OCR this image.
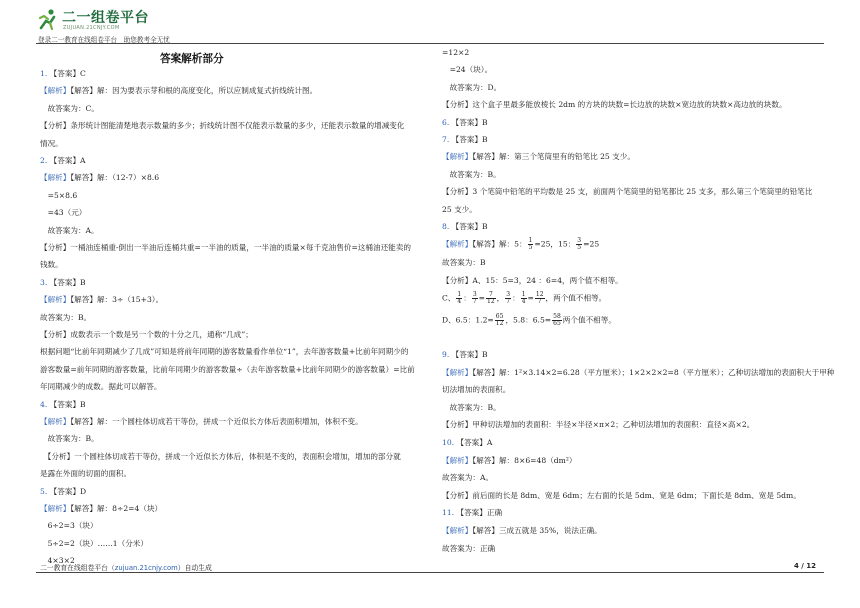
二一组卷平台
ZUJUAN.21CNJY.COM
登录二一教育在线组卷平台　助您教考全无忧
答案解析部分
1. 【答案】C
【解析】【解答】解：因为要表示芽和根的高度变化，所以应制成复式折线统计图。
　故答案为：C。
【分析】条形统计图能清楚地表示数量的多少；折线统计图不仅能表示数量的多少，还能表示数量的增减变化
情况。
2. 【答案】A
【解析】【解答】解：（12-7）×8.6
　=5×8.6
　=43（元）
　故答案为：A。
【分析】一桶油连桶重-倒出一半油后连桶共重=一半油的质量，一半油的质量×每千克油售价=这桶油还能卖的
钱数。
3. 【答案】B
【解析】【解答】解：3÷（15+3）。
故答案为：B。
【分析】成数表示一个数是另一个数的十分之几，通称“几成”；
根据问题“比前年同期减少了几成”可知是将前年同期的游客数量看作单位“1”，去年游客数量+比前年同期少的
游客数量=前年同期的游客数量，比前年同期少的游客数量÷（去年游客数量+比前年同期少的游客数量）=比前
年同期减少的成数。据此可以解答。
4. 【答案】B
【解析】【解答】解：一个圆柱体切成若干等份，拼成一个近似长方体后表面积增加，体积不变。
　故答案为：B。
　【分析】一个圆柱体切成若干等份，拼成一个近似长方体后，体积是不变的，表面积会增加，增加的部分就
是露在外面的切面的面积。
5. 【答案】D
【解析】【解答】解：8÷2=4（块）
　6÷2=3（块）
　5÷2=2（块）……1（分米）
　4×3×2
=12×2
　=24（块）。
　故答案为：D。
【分析】这个盒子里最多能放棱长 2dm 的方块的块数=长边放的块数×宽边放的块数×高边放的块数。
6. 【答案】B
7. 【答案】B
【解析】【解答】解：第三个笔筒里有的铅笔比 25 支少。
　故答案为：B。
【分析】3 个笔筒中铅笔的平均数是 25 支，前面两个笔筒里的铅笔都比 25 支多，那么第三个笔筒里的铅笔比
25 支少。
8. 【答案】B
【解析】【解答】解：5： $\frac{1}{5} =25$，15： $\frac{3}{5} =25$
故答案为：B
【分析】A、15：5=3，24 ：6=4，两个值不相等。
C、 $\frac{1}{4}$ ： $\frac{3}{7} = \frac{7}{12}$ ， $\frac{3}{7}$ ： $\frac{1}{4} = \frac{12}{7}$ ，两个值不相等。
D、6.5：$1.2= \frac{65}{12}$ ，5.8：$6.5= \frac{58}{65}$ 两个值不相等。
9. 【答案】B
【解析】【解答】解：1²×3.14×2=6.28（平方厘米）；1×2×2×2=8（平方厘米）；乙种切法增加的表面积大于甲种
切法增加的表面积。
　故答案为：B。
【分析】甲种切法增加的表面积：半径×半径×π×2；乙种切法增加的表面积：直径×高×2。
10. 【答案】A
【解析】【解答】解：8×6=48（dm²）
故答案为：A。
【分析】前后面的长是 8dm、宽是 6dm；左右面的长是 5dm、宽是 6dm；下面长是 8dm、宽是 5dm。
11. 【答案】正确
【解析】【解答】三成五就是 35%，说法正确。
故答案为：正确
二一教育在线组卷平台（zujuan.21cnjy.com）自动生成	4 / 12
